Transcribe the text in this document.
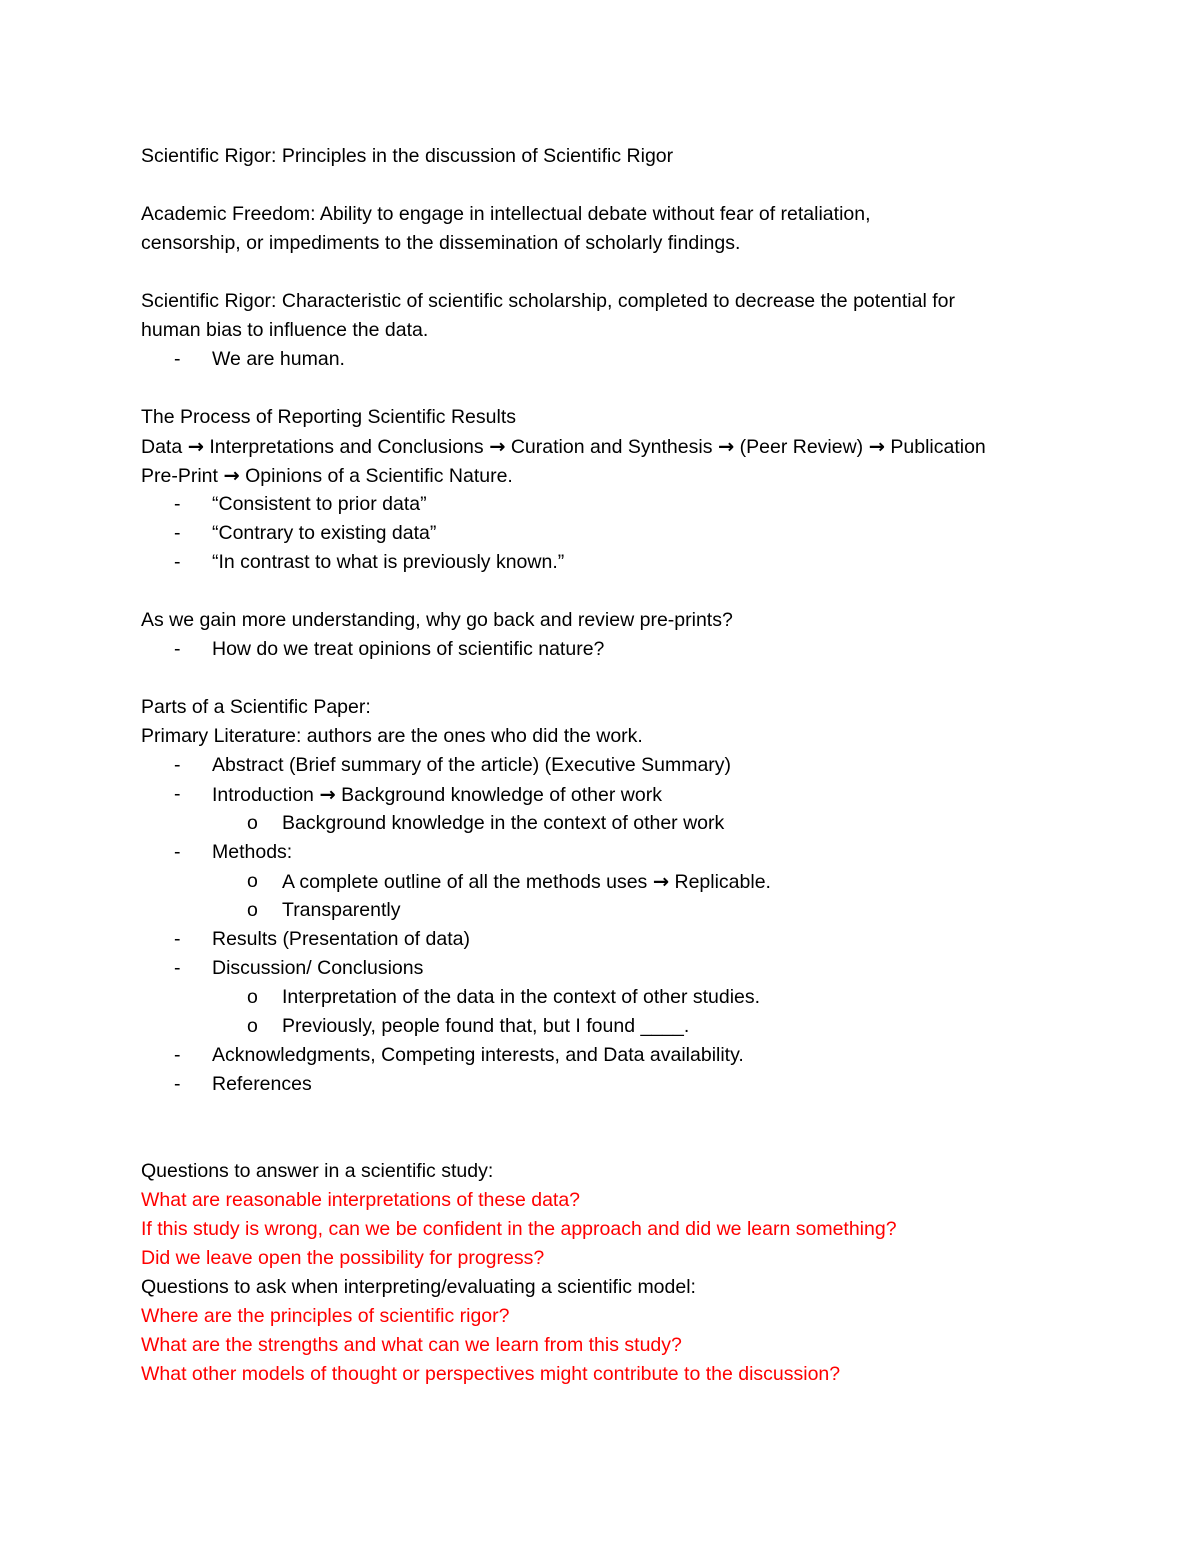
Scientific Rigor: Principles in the discussion of Scientific Rigor
Academic Freedom: Ability to engage in intellectual debate without fear of retaliation,
censorship, or impediments to the dissemination of scholarly findings.
Scientific Rigor: Characteristic of scientific scholarship, completed to decrease the potential for
human bias to influence the data.
- We are human.
The Process of Reporting Scientific Results
Data → Interpretations and Conclusions → Curation and Synthesis → (Peer Review) → Publication
Pre-Print → Opinions of a Scientific Nature.
- “Consistent to prior data”
- “Contrary to existing data”
- “In contrast to what is previously known.”
As we gain more understanding, why go back and review pre-prints?
- How do we treat opinions of scientific nature?
Parts of a Scientific Paper:
Primary Literature: authors are the ones who did the work.
- Abstract (Brief summary of the article) (Executive Summary)
- Introduction → Background knowledge of other work
o Background knowledge in the context of other work
- Methods:
o A complete outline of all the methods uses → Replicable.
o Transparently
- Results (Presentation of data)
- Discussion/ Conclusions
o Interpretation of the data in the context of other studies.
o Previously, people found that, but I found ____.
- Acknowledgments, Competing interests, and Data availability.
- References
Questions to answer in a scientific study:
What are reasonable interpretations of these data?
If this study is wrong, can we be confident in the approach and did we learn something?
Did we leave open the possibility for progress?
Questions to ask when interpreting/evaluating a scientific model:
Where are the principles of scientific rigor?
What are the strengths and what can we learn from this study?
What other models of thought or perspectives might contribute to the discussion?
